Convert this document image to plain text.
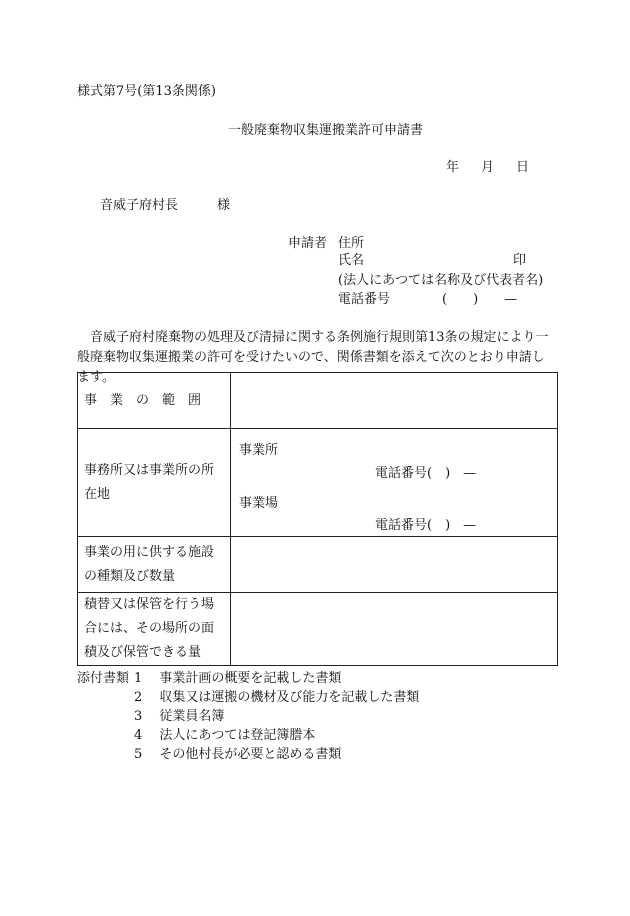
様式第7号(第13条関係)
一般廃棄物収集運搬業許可申請書
年 月 日
音威子府村長	様
申請者 住所
氏名	印
(法人にあつては名称及び代表者名)
電話番号　　　　(　　)　　—
音威子府村廃棄物の処理及び清掃に関する条例施行規則第13条の規定により一般廃棄物収集運搬業の許可を受けたいので、関係書類を添えて次のとおり申請します。
事業の範囲	
事務所又は事業所の所在地	事業所
電話番号(　)　—
事業場
電話番号(　)　—

事業の用に供する施設の種類及び数量	
積替又は保管を行う場合には、その場所の面積及び保管できる量	
添付書類 1　 事業計画の概要を記載した書類
2　 収集又は運搬の機材及び能力を記載した書類
3　 従業員名簿
4　 法人にあつては登記簿謄本
5　 その他村長が必要と認める書類
